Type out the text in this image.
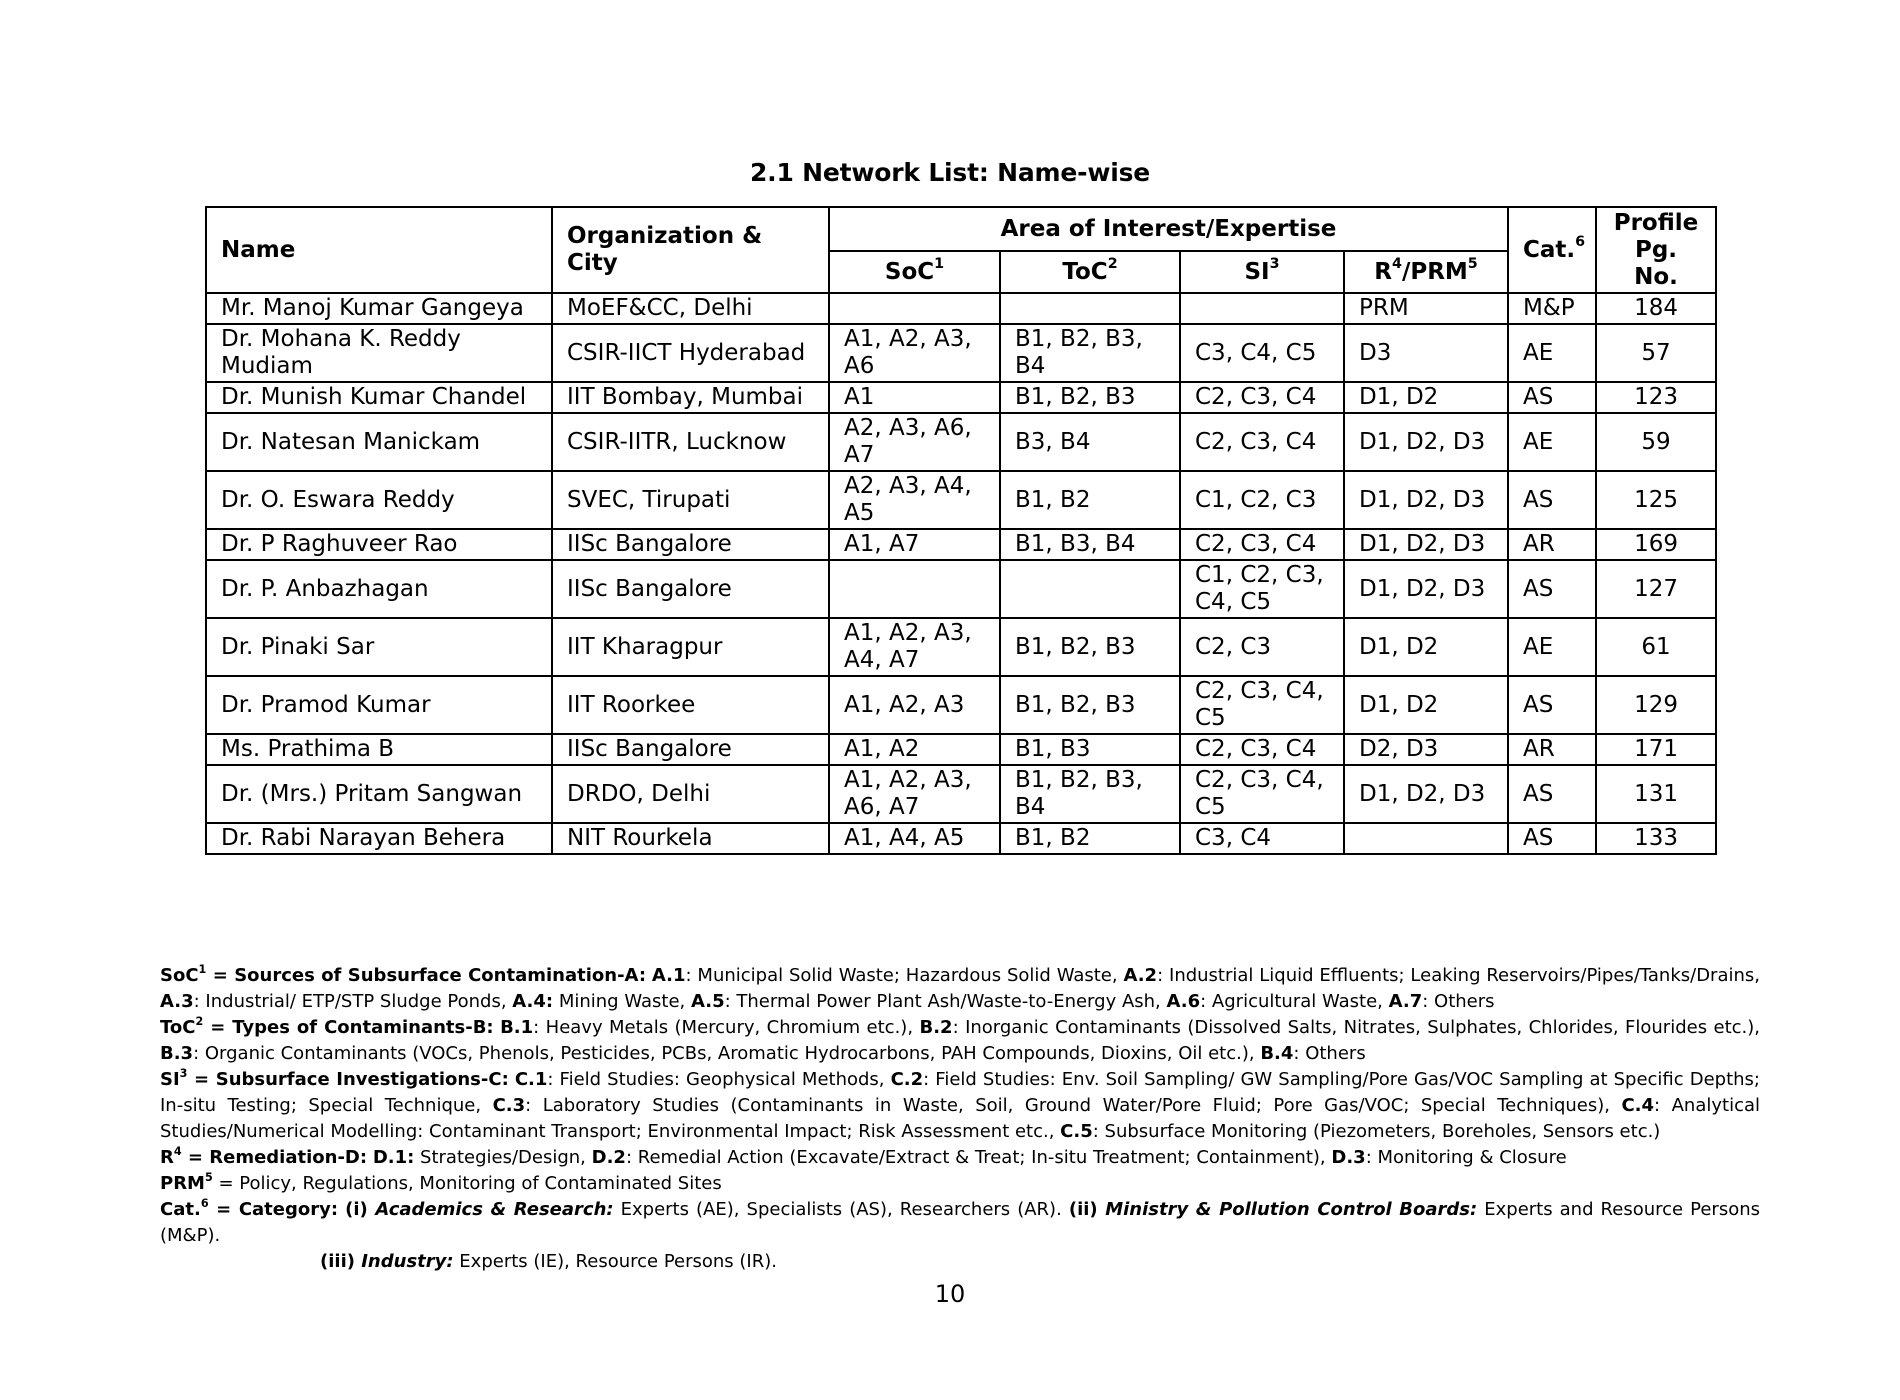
2.1 Network List: Name-wise
Name	Organization & City	Area of Interest/Expertise				Cat.$^6$	Profile
Pg. No.
		SoC$^1$	ToC$^2$	$SI^3$	$R^4/PRM^5$
Mr. Manoj Kumar Gangeya	MoEF&CC, Delhi				PRM	M&P	184
Dr. Mohana K. Reddy Mudiam	CSIR-IICT Hyderabad	A1, A2, A3, A6	B1, B2, B3, B4	C3, C4, C5	D3	AE	57
Dr. Munish Kumar Chandel	IIT Bombay, Mumbai	A1	B1, B2, B3	C2, C3, C4	D1, D2	AS	123
Dr. Natesan Manickam	CSIR-IITR, Lucknow	A2, A3, A6, A7	B3, B4	C2, C3, C4	D1, D2, D3	AE	59
Dr. O. Eswara Reddy	SVEC, Tirupati	A2, A3, A4, A5	B1, B2	C1, C2, C3	D1, D2, D3	AS	125
Dr. P Raghuveer Rao	IISc Bangalore	A1, A7	B1, B3, B4	C2, C3, C4	D1, D2, D3	AR	169
Dr. P. Anbazhagan	IISc Bangalore			C1, C2, C3, C4, C5	D1, D2, D3	AS	127
Dr. Pinaki Sar	IIT Kharagpur	A1, A2, A3, A4, A7	B1, B2, B3	C2, C3	D1, D2	AE	61
Dr. Pramod Kumar	IIT Roorkee	A1, A2, A3	B1, B2, B3	C2, C3, C4, C5	D1, D2	AS	129
Ms. Prathima B	IISc Bangalore	A1, A2	B1, B3	C2, C3, C4	D2, D3	AR	171
Dr. (Mrs.) Pritam Sangwan	DRDO, Delhi	A1, A2, A3, A6, A7	B1, B2, B3, B4	C2, C3, C4, C5	D1, D2, D3	AS	131
Dr. Rabi Narayan Behera	NIT Rourkela	A1, A4, A5	B1, B2	C3, C4		AS	133

SoC$^1$ = Sources of Subsurface Contamination-A: A.1: Municipal Solid Waste; Hazardous Solid Waste, A.2: Industrial Liquid Effluents; Leaking Reservoirs/Pipes/Tanks/Drains, A.3: Industrial/ ETP/STP Sludge Ponds, A.4: Mining Waste, A.5: Thermal Power Plant Ash/Waste-to-Energy Ash, A.6: Agricultural Waste, A.7: Others

ToC$^2$ = Types of Contaminants-B: B.1: Heavy Metals (Mercury, Chromium etc.), B.2: Inorganic Contaminants (Dissolved Salts, Nitrates, Sulphates, Chlorides, Flourides etc.), B.3: Organic Contaminants (VOCs, Phenols, Pesticides, PCBs, Aromatic Hydrocarbons, PAH Compounds, Dioxins, Oil etc.), B.4: Others

$SI^3$ = Subsurface Investigations-C: C.1: Field Studies: Geophysical Methods, C.2: Field Studies: Env. Soil Sampling/ GW Sampling/Pore Gas/VOC Sampling at Specific Depths; In-situ Testing; Special Technique, C.3: Laboratory Studies (Contaminants in Waste, Soil, Ground Water/Pore Fluid; Pore Gas/VOC; Special Techniques), C.4: Analytical Studies/Numerical Modelling: Contaminant Transport; Environmental Impact; Risk Assessment etc., C.5: Subsurface Monitoring (Piezometers, Boreholes, Sensors etc.)

$R^4$ = Remediation-D: D.1: Strategies/Design, D.2: Remedial Action (Excavate/Extract & Treat; In-situ Treatment; Containment), D.3: Monitoring & Closure

$PRM^5$ = Policy, Regulations, Monitoring of Contaminated Sites

Cat.$^6$ = Category: (i) Academics & Research: Experts (AE), Specialists (AS), Researchers (AR). (ii) Ministry & Pollution Control Boards: Experts and Resource Persons (M&P).

(iii) Industry: Experts (IE), Resource Persons (IR).

10
